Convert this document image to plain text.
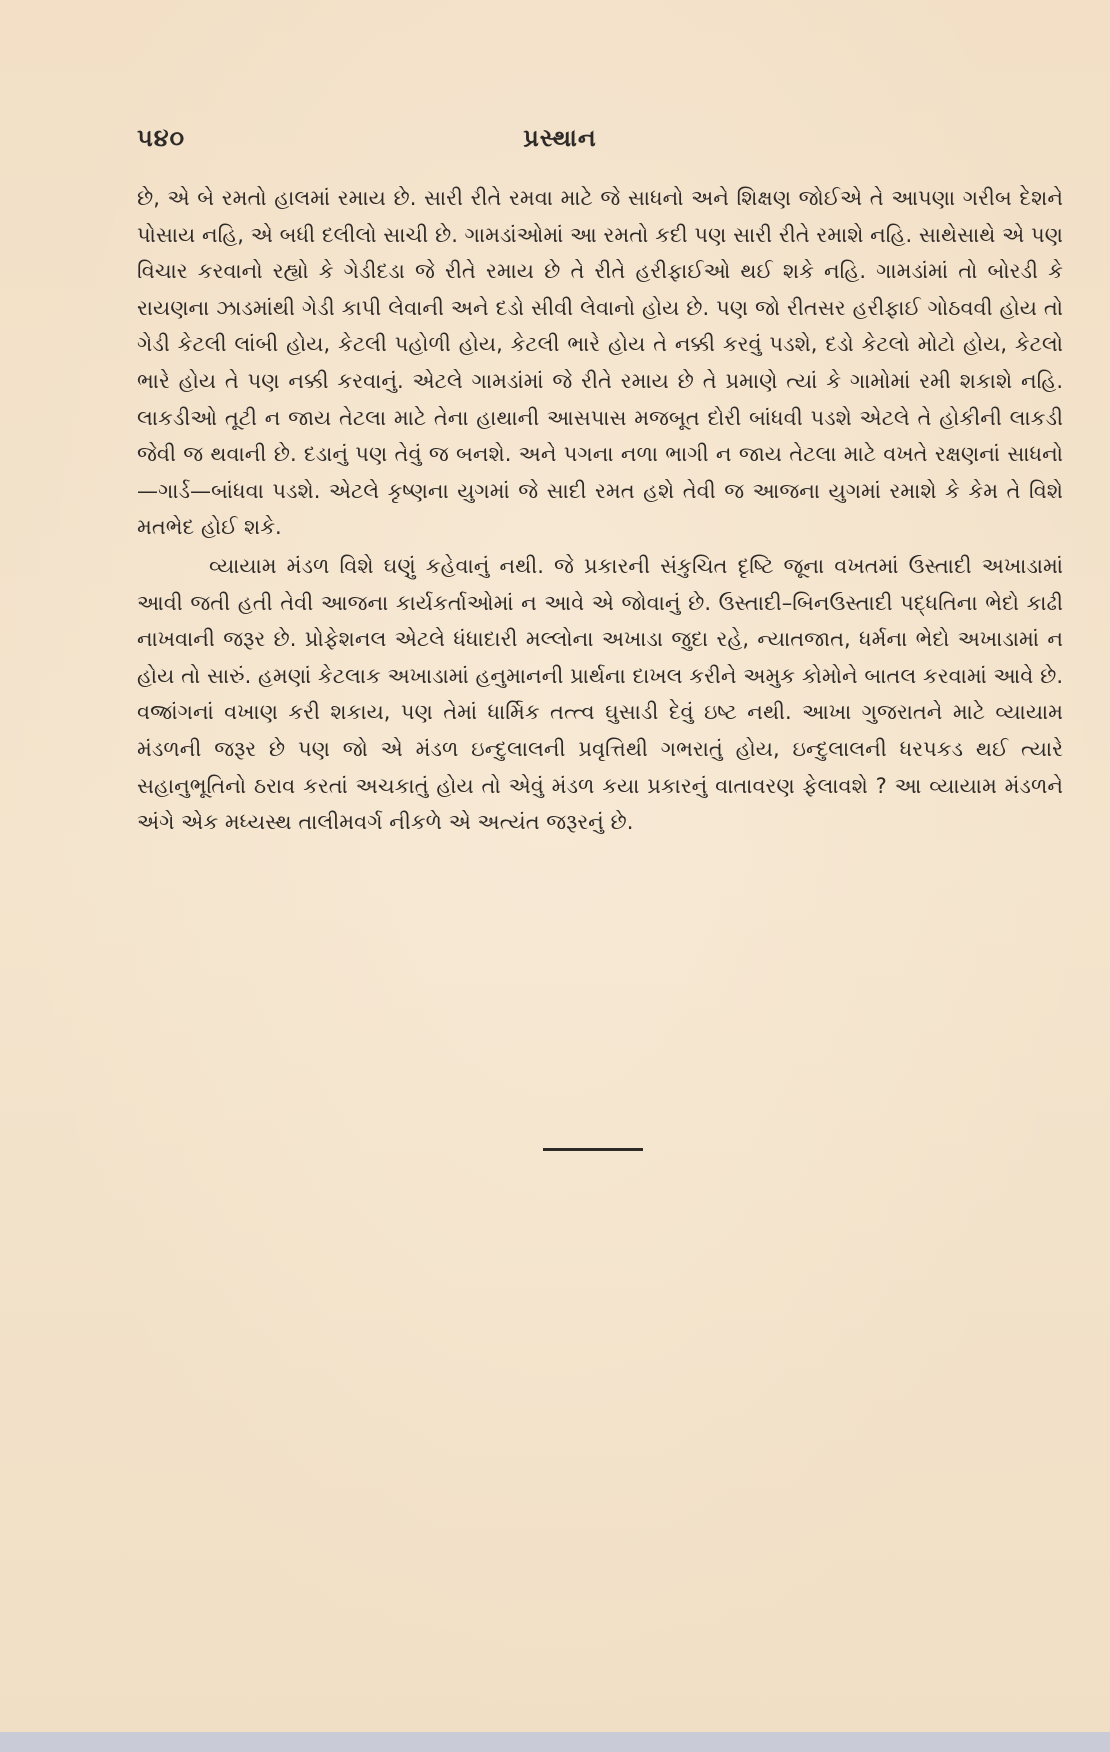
૫૪૦	પ્રસ્થાન

છે, એ બે રમતો હાલમાં રમાય છે. સારી રીતે રમવા માટે જે સાધનો અને શિક્ષણ જોઈએ તે આપણા ગરીબ દેશને પોસાય નહિ, એ બધી દલીલો સાચી છે. ગામડાંઓમાં આ રમતો કદી પણ સારી રીતે રમાશે નહિ. સાથેસાથે એ પણ વિચાર કરવાનો રહ્યો કે ગેડીદડા જે રીતે રમાય છે તે રીતે હરીફાઈઓ થઈ શકે નહિ. ગામડાંમાં તો બોરડી કે રાયણના ઝાડમાંથી ગેડી કાપી લેવાની અને દડો સીવી લેવાનો હોય છે. પણ જો રીતસર હરીફાઈ ગોઠવવી હોય તો ગેડી કેટલી લાંબી હોય, કેટલી પહોળી હોય, કેટલી ભારે હોય તે નક્કી કરવું પડશે, દડો કેટલો મોટો હોય, કેટલો ભારે હોય તે પણ નક્કી કરવાનું. એટલે ગામડાંમાં જે રીતે રમાય છે તે પ્રમાણે ત્યાં કે ગામોમાં રમી શકાશે નહિ. લાકડીઓ તૂટી ન જાય તેટલા માટે તેના હાથાની આસપાસ મજબૂત દોરી બાંધવી પડશે એટલે તે હોકીની લાકડી જેવી જ થવાની છે. દડાનું પણ તેવું જ બનશે. અને પગના નળા ભાગી ન જાય તેટલા માટે વખતે રક્ષણનાં સાધનો—ગાર્ડ—બાંધવા પડશે. એટલે કૃષ્ણના યુગમાં જે સાદી રમત હશે તેવી જ આજના યુગમાં રમાશે કે કેમ તે વિશે મતભેદ હોઈ શકે.

વ્યાયામ મંડળ વિશે ઘણું કહેવાનું નથી. જે પ્રકારની સંકુચિત દૃષ્ટિ જૂના વખતમાં ઉસ્તાદી અખાડામાં આવી જતી હતી તેવી આજના કાર્યકર્તાઓમાં ન આવે એ જોવાનું છે. ઉસ્તાદી–બિનઉસ્તાદી પદ્ધતિના ભેદો કાઢી નાખવાની જરૂર છે. પ્રોફેશનલ એટલે ધંધાદારી મલ્લોના અખાડા જુદા રહે, ન્યાતજાત, ધર્મના ભેદો અખાડામાં ન હોય તો સારું. હમણાં કેટલાક અખાડામાં હનુમાનની પ્રાર્થના દાખલ કરીને અમુક કોમોને બાતલ કરવામાં આવે છે. વજ્રાંગનાં વખાણ કરી શકાય, પણ તેમાં ધાર્મિક તત્ત્વ ઘુસાડી દેવું ઇષ્ટ નથી. આખા ગુજરાતને માટે વ્યાયામ મંડળની જરૂર છે પણ જો એ મંડળ ઇન્દુલાલની પ્રવૃત્તિથી ગભરાતું હોય, ઇન્દુલાલની ધરપકડ થઈ ત્યારે સહાનુભૂતિનો ઠરાવ કરતાં અચકાતું હોય તો એવું મંડળ કયા પ્રકારનું વાતાવરણ ફેલાવશે ? આ વ્યાયામ મંડળને અંગે એક મધ્યસ્થ તાલીમવર્ગ નીકળે એ અત્યંત જરૂરનું છે.
